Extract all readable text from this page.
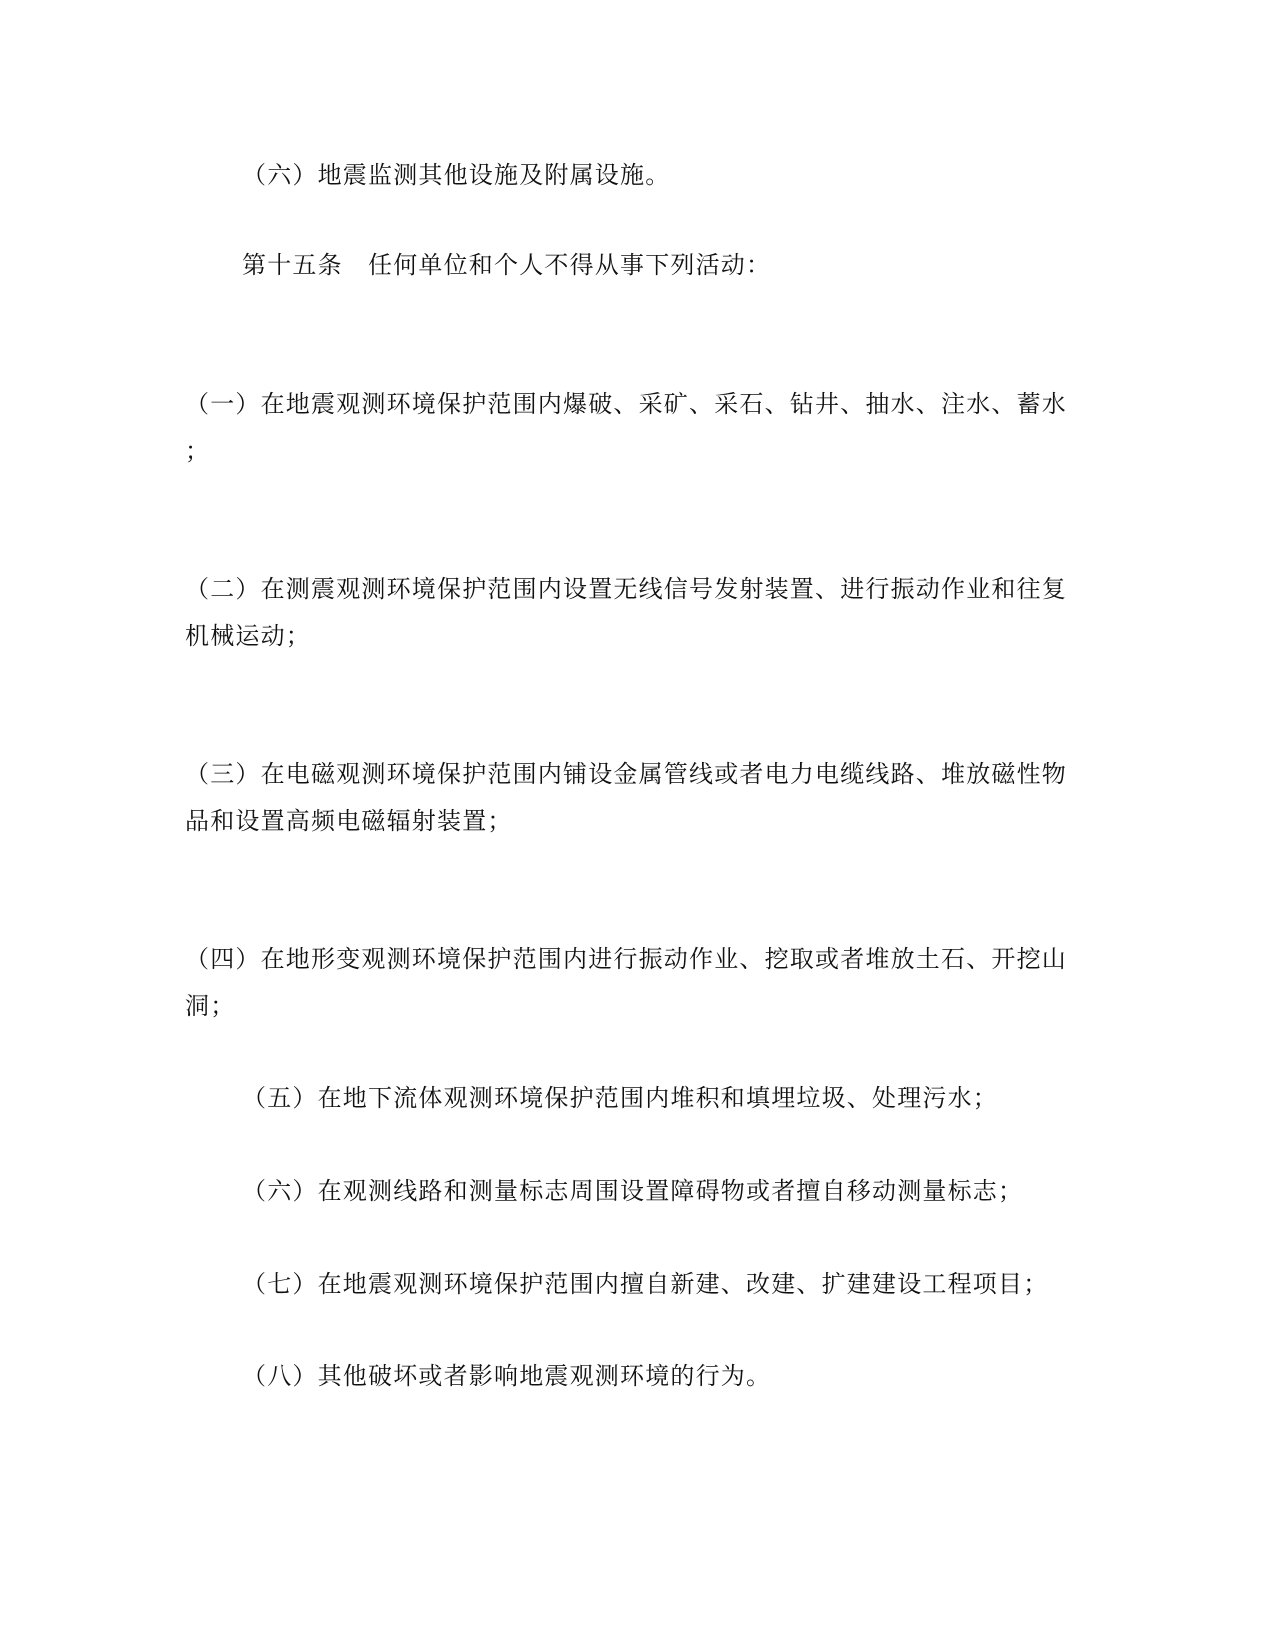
（六）地震监测其他设施及附属设施。
第十五条　任何单位和个人不得从事下列活动：
（一）在地震观测环境保护范围内爆破、采矿、采石、钻井、抽水、注水、蓄水
；
（二）在测震观测环境保护范围内设置无线信号发射装置、进行振动作业和往复
机械运动；
（三）在电磁观测环境保护范围内铺设金属管线或者电力电缆线路、堆放磁性物
品和设置高频电磁辐射装置；
（四）在地形变观测环境保护范围内进行振动作业、挖取或者堆放土石、开挖山
洞；
（五）在地下流体观测环境保护范围内堆积和填埋垃圾、处理污水；
（六）在观测线路和测量标志周围设置障碍物或者擅自移动测量标志；
（七）在地震观测环境保护范围内擅自新建、改建、扩建建设工程项目；
（八）其他破坏或者影响地震观测环境的行为。
